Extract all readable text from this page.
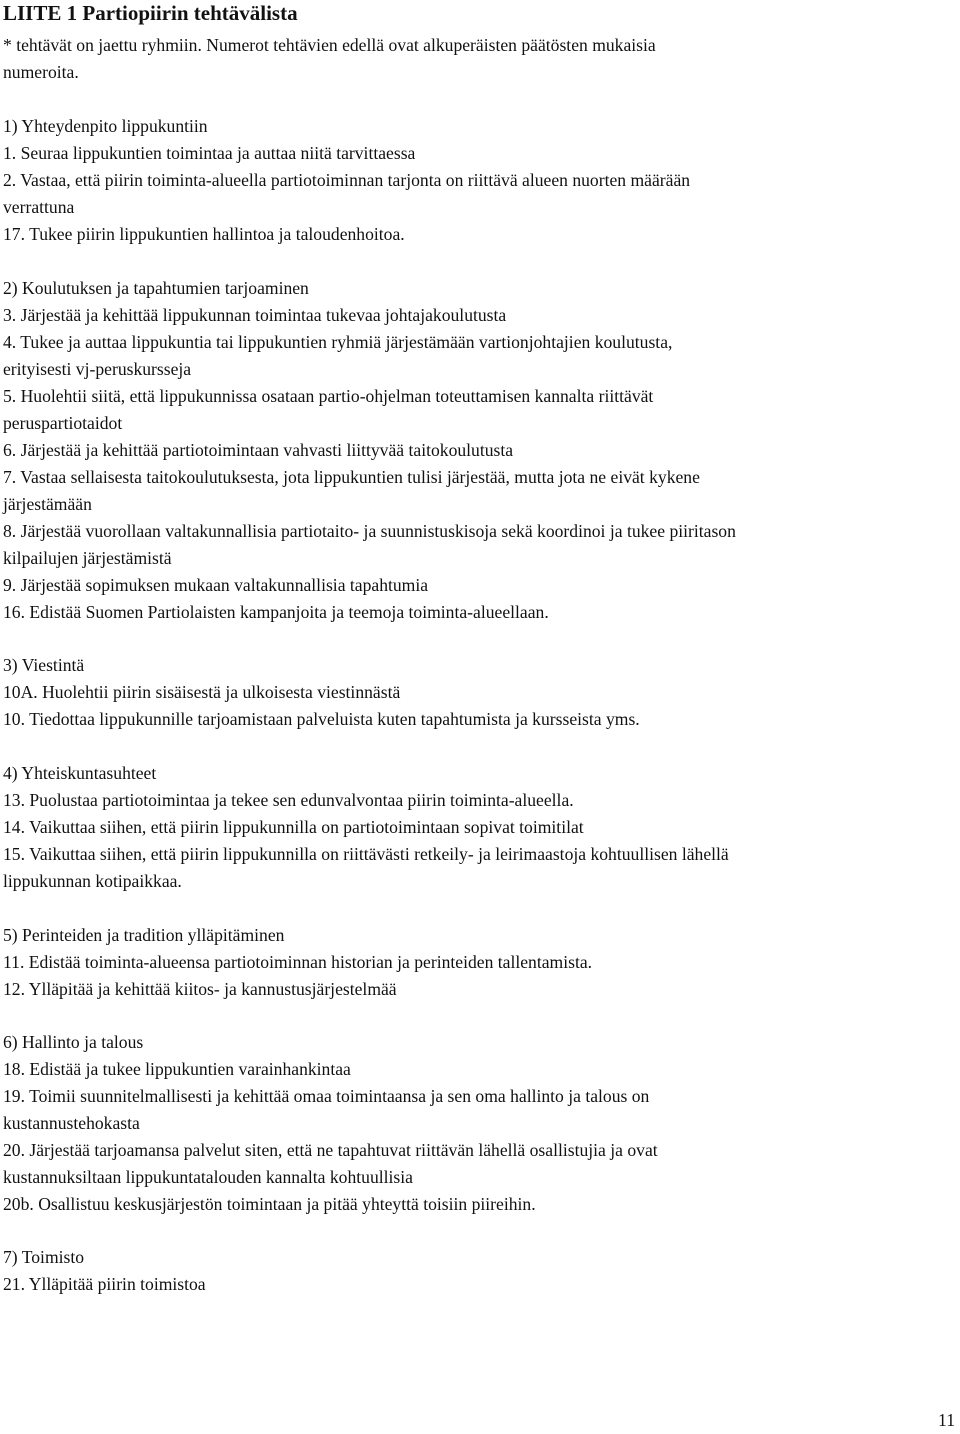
LIITE 1 Partiopiirin tehtävälista
* tehtävät on jaettu ryhmiin. Numerot tehtävien edellä ovat alkuperäisten päätösten mukaisia
numeroita.
1) Yhteydenpito lippukuntiin
1. Seuraa lippukuntien toimintaa ja auttaa niitä tarvittaessa
2. Vastaa, että piirin toiminta-alueella partiotoiminnan tarjonta on riittävä alueen nuorten määrään
verrattuna
17. Tukee piirin lippukuntien hallintoa ja taloudenhoitoa.
2) Koulutuksen ja tapahtumien tarjoaminen
3. Järjestää ja kehittää lippukunnan toimintaa tukevaa johtajakoulutusta
4. Tukee ja auttaa lippukuntia tai lippukuntien ryhmiä järjestämään vartionjohtajien koulutusta,
erityisesti vj-peruskursseja
5. Huolehtii siitä, että lippukunnissa osataan partio-ohjelman toteuttamisen kannalta riittävät
peruspartiotaidot
6. Järjestää ja kehittää partiotoimintaan vahvasti liittyvää taitokoulutusta
7. Vastaa sellaisesta taitokoulutuksesta, jota lippukuntien tulisi järjestää, mutta jota ne eivät kykene
järjestämään
8. Järjestää vuorollaan valtakunnallisia partiotaito- ja suunnistuskisoja sekä koordinoi ja tukee piiritason
kilpailujen järjestämistä
9. Järjestää sopimuksen mukaan valtakunnallisia tapahtumia
16. Edistää Suomen Partiolaisten kampanjoita ja teemoja toiminta-alueellaan.
3) Viestintä
10A. Huolehtii piirin sisäisestä ja ulkoisesta viestinnästä
10. Tiedottaa lippukunnille tarjoamistaan palveluista kuten tapahtumista ja kursseista yms.
4) Yhteiskuntasuhteet
13. Puolustaa partiotoimintaa ja tekee sen edunvalvontaa piirin toiminta-alueella.
14. Vaikuttaa siihen, että piirin lippukunnilla on partiotoimintaan sopivat toimitilat
15. Vaikuttaa siihen, että piirin lippukunnilla on riittävästi retkeily- ja leirimaastoja kohtuullisen lähellä
lippukunnan kotipaikkaa.
5) Perinteiden ja tradition ylläpitäminen
11. Edistää toiminta-alueensa partiotoiminnan historian ja perinteiden tallentamista.
12. Ylläpitää ja kehittää kiitos- ja kannustusjärjestelmää
6) Hallinto ja talous
18. Edistää ja tukee lippukuntien varainhankintaa
19. Toimii suunnitelmallisesti ja kehittää omaa toimintaansa ja sen oma hallinto ja talous on
kustannustehokasta
20. Järjestää tarjoamansa palvelut siten, että ne tapahtuvat riittävän lähellä osallistujia ja ovat
kustannuksiltaan lippukuntatalouden kannalta kohtuullisia
20b. Osallistuu keskusjärjestön toimintaan ja pitää yhteyttä toisiin piireihin.
7) Toimisto
21. Ylläpitää piirin toimistoa
11
